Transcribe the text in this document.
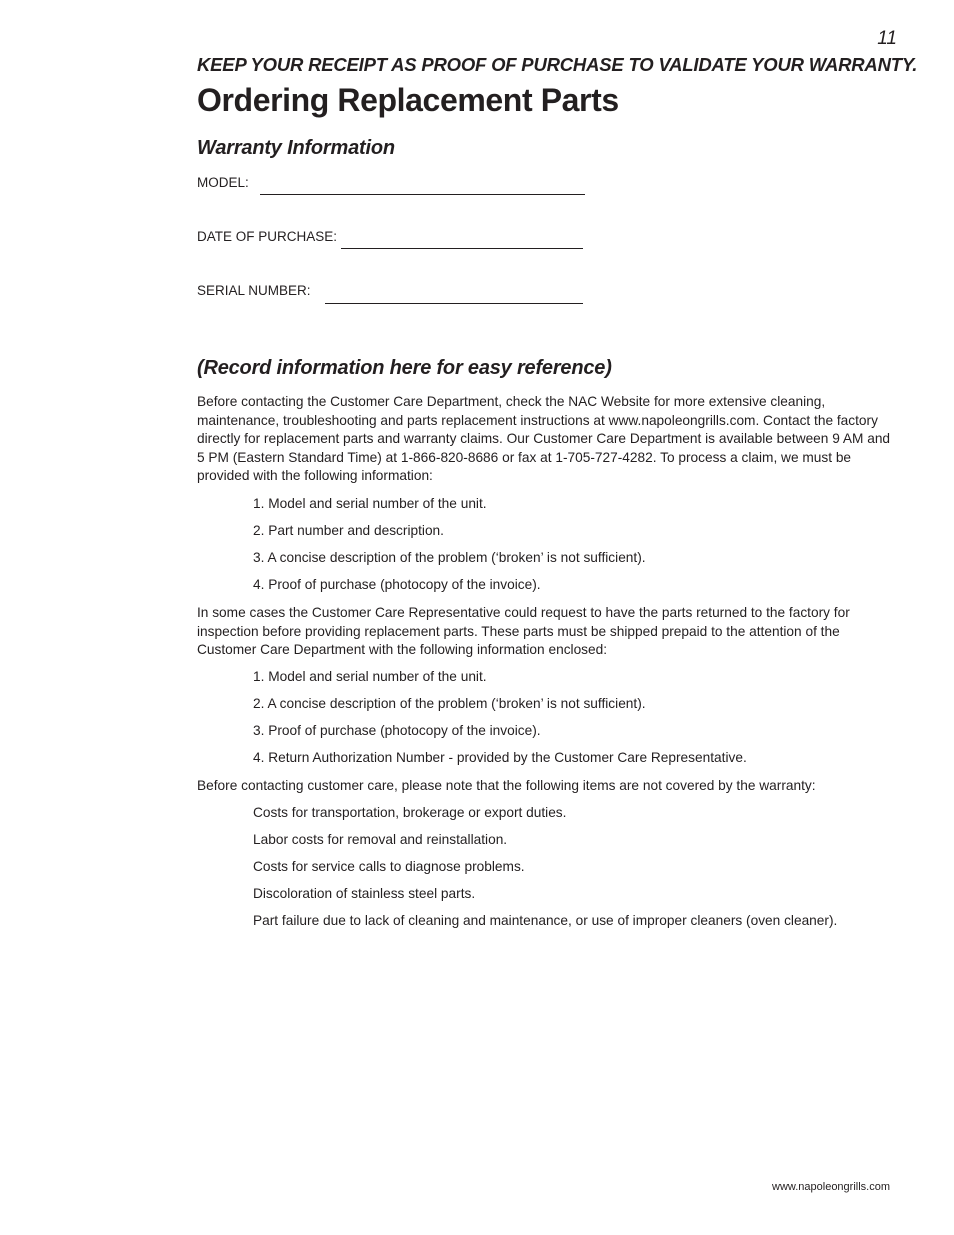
11
KEEP YOUR RECEIPT AS PROOF OF PURCHASE TO VALIDATE YOUR WARRANTY.
Ordering Replacement Parts
Warranty Information
MODEL:
DATE OF PURCHASE:
SERIAL NUMBER:
(Record information here for easy reference)

Before contacting the Customer Care Department, check the NAC Website for more extensive cleaning, maintenance, troubleshooting and parts replacement instructions at www.napoleongrills.com. Contact the factory directly for replacement parts and warranty claims. Our Customer Care Department is available between 9 AM and 5 PM (Eastern Standard Time) at 1-866-820-8686 or fax at 1-705-727-4282. To process a claim, we must be provided with the following information:

1. Model and serial number of the unit.
2. Part number and description.
3. A concise description of the problem (‘broken’ is not sufficient).
4. Proof of purchase (photocopy of the invoice).

In some cases the Customer Care Representative could request to have the parts returned to the factory for inspection before providing replacement parts. These parts must be shipped prepaid to the attention of the Customer Care Department with the following information enclosed:

1. Model and serial number of the unit.
2. A concise description of the problem (‘broken’ is not sufficient).
3. Proof of purchase (photocopy of the invoice).
4. Return Authorization Number - provided by the Customer Care Representative.

Before contacting customer care, please note that the following items are not covered by the warranty:

Costs for transportation, brokerage or export duties.
Labor costs for removal and reinstallation.
Costs for service calls to diagnose problems.
Discoloration of stainless steel parts.
Part failure due to lack of cleaning and maintenance, or use of improper cleaners (oven cleaner).
www.napoleongrills.com
